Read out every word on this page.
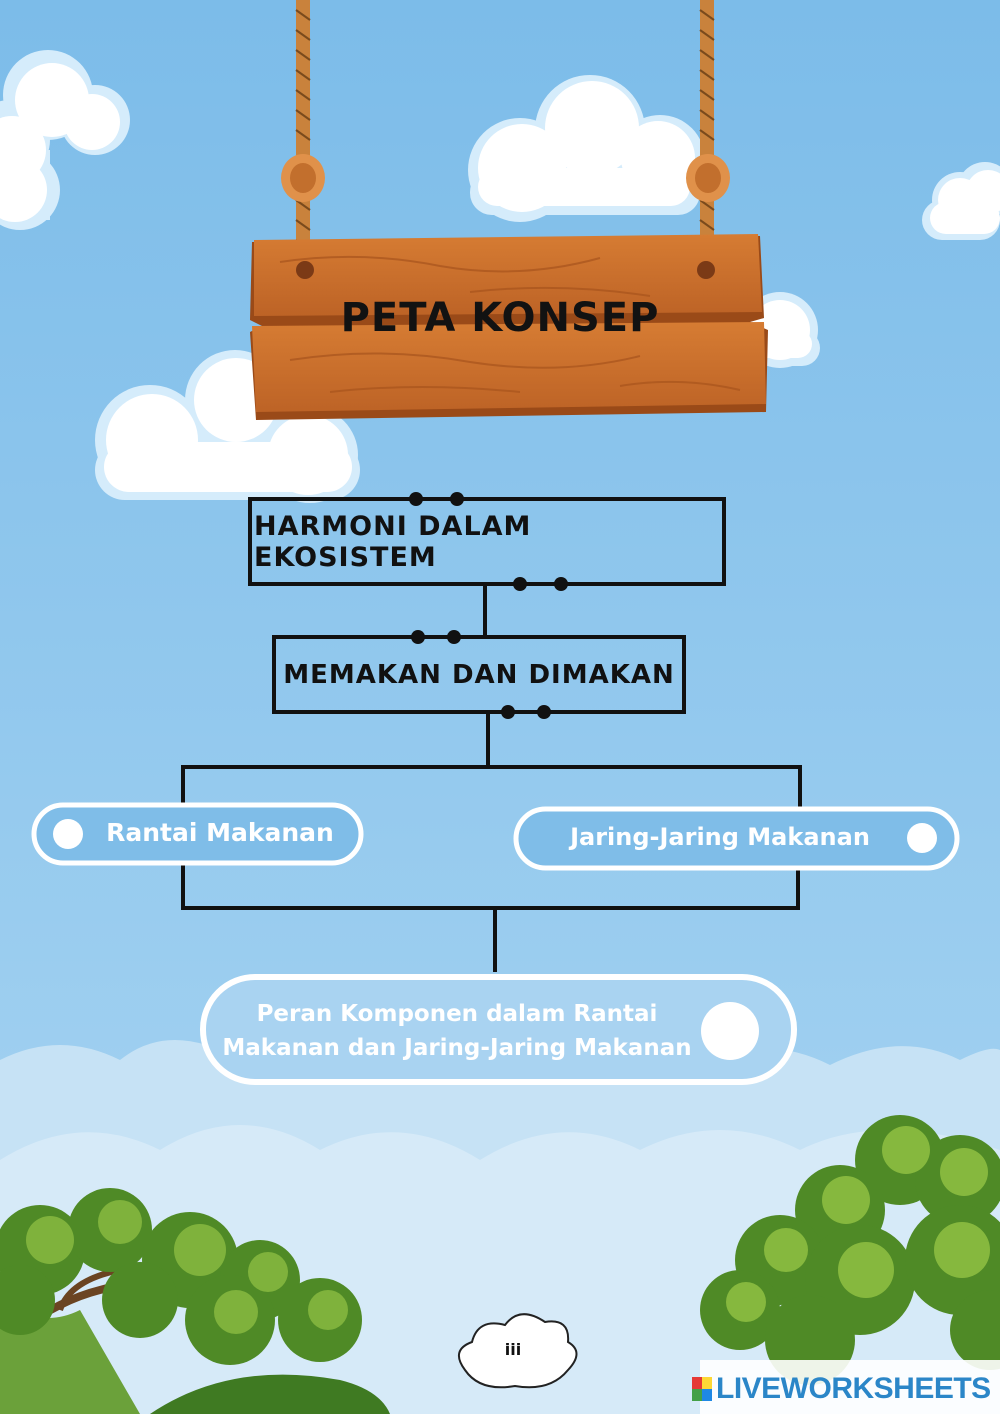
PETA KONSEP
HARMONI DALAM EKOSISTEM
MEMAKAN DAN DIMAKAN
Rantai Makanan	Jaring-Jaring Makanan
Peran Komponen dalam Rantai
Makanan dan Jaring-Jaring Makanan
iii
LIVEWORKSHEETS
